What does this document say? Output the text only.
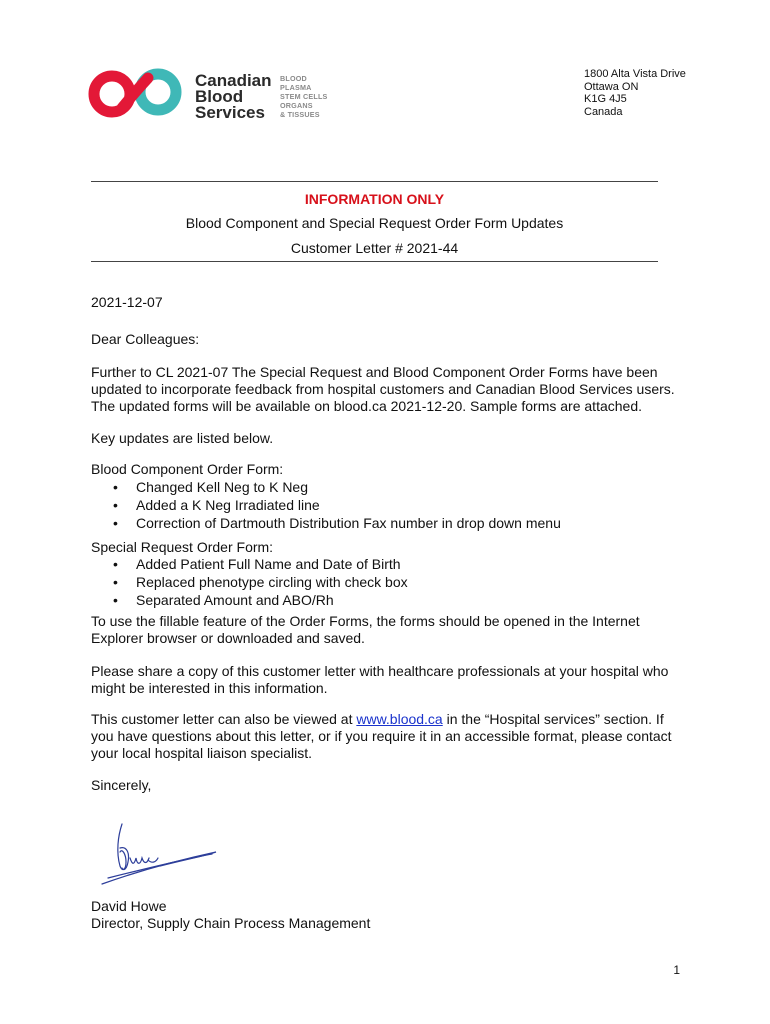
Canadian
Blood
Services
BLOOD
PLASMA
STEM CELLS
ORGANS
& TISSUES
1800 Alta Vista Drive
Ottawa ON
K1G 4J5
Canada
INFORMATION ONLY
Blood Component and Special Request Order Form Updates
Customer Letter # 2021-44
2021-12-07
Dear Colleagues:

Further to CL 2021-07 The Special Request and Blood Component Order Forms have been updated to incorporate feedback from hospital customers and Canadian Blood Services users. The updated forms will be available on blood.ca 2021-12-20. Sample forms are attached.

Key updates are listed below.
Blood Component Order Form:
• Changed Kell Neg to K Neg
• Added a K Neg Irradiated line
• Correction of Dartmouth Distribution Fax number in drop down menu
Special Request Order Form:
• Added Patient Full Name and Date of Birth
• Replaced phenotype circling with check box
• Separated Amount and ABO/Rh

To use the fillable feature of the Order Forms, the forms should be opened in the Internet Explorer browser or downloaded and saved.

Please share a copy of this customer letter with healthcare professionals at your hospital who might be interested in this information.

This customer letter can also be viewed at www.blood.ca in the “Hospital services” section. If you have questions about this letter, or if you require it in an accessible format, please contact your local hospital liaison specialist.

Sincerely,
David Howe
Director, Supply Chain Process Management
1
